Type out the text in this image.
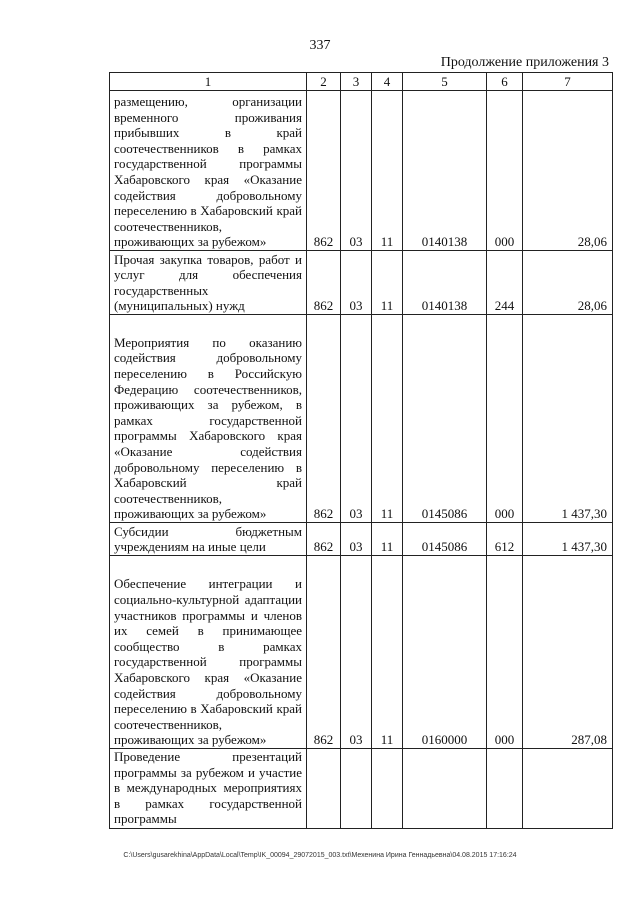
337
Продолжение приложения 3
1	2	3	4	5	6	7
размещению, организации временного проживания прибывших в край соотечественников в рамках государственной программы Хабаровского края «Оказание содействия добровольному переселению в Хабаровский край соотечественников, проживающих за рубежом»	862	03	11	0140138	000	28,06
Прочая закупка товаров, работ и услуг для обеспечения государственных (муниципальных) нужд	862	03	11	0140138	244	28,06
Мероприятия по оказанию содействия добровольному переселению в Российскую Федерацию соотечественников, проживающих за рубежом, в рамках государственной программы Хабаровского края «Оказание содействия добровольному переселению в Хабаровский край соотечественников, проживающих за рубежом»	862	03	11	0145086	000	1 437,30
Субсидии бюджетным учреждениям на иные цели	862	03	11	0145086	612	1 437,30
Обеспечение интеграции и социально-культурной адаптации участников программы и членов их семей в принимающее сообщество в рамках государственной программы Хабаровского края «Оказание содействия добровольному переселению в Хабаровский край соотечественников, проживающих за рубежом»	862	03	11	0160000	000	287,08
Проведение презентаций программы за рубежом и участие в международных мероприятиях в рамках государственной программы						
C:\Users\gusarekhina\AppData\Local\Temp\IK_00094_29072015_003.txt\Мехенина Ирина Геннадьевна\04.08.2015 17:16:24
